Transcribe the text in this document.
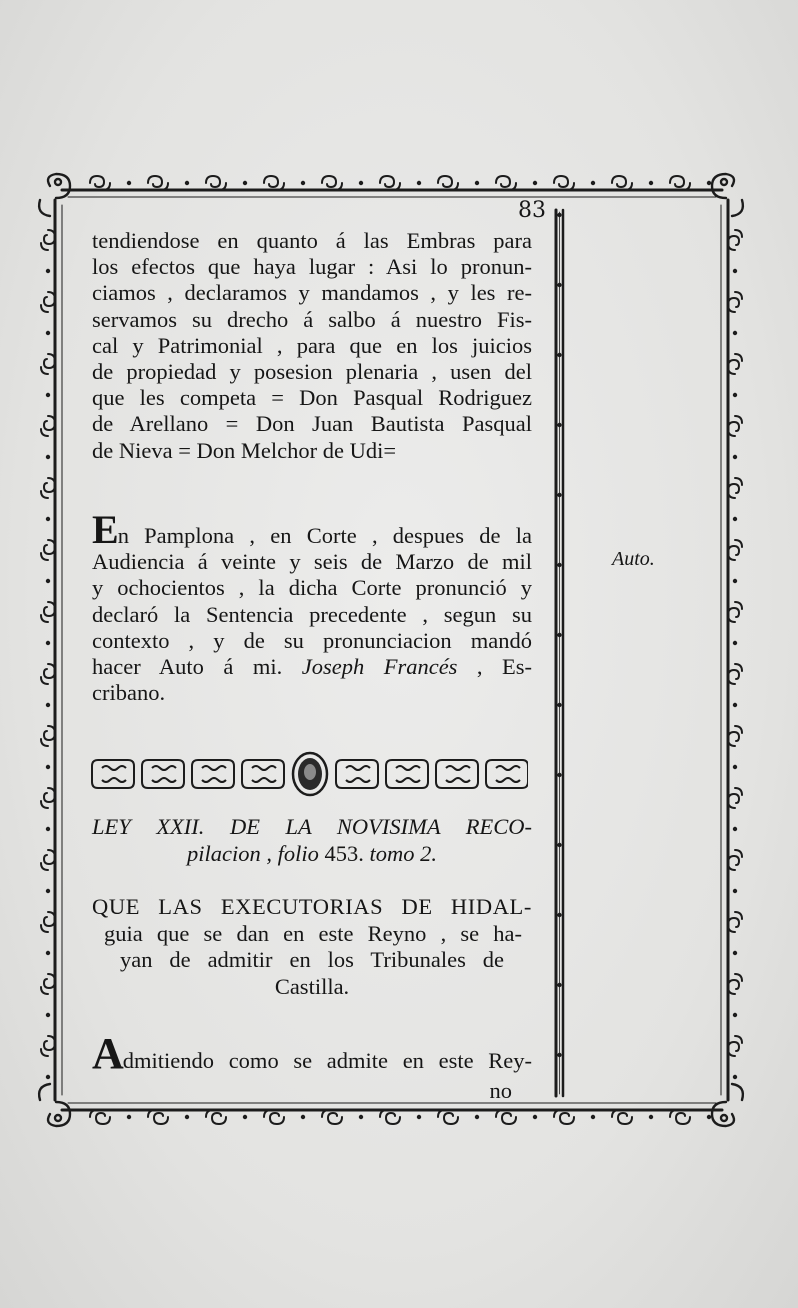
83
tendiendose en quanto á las Embras para
los efectos que haya lugar : Asi lo pronun-
ciamos , declaramos y mandamos , y les re-
servamos su drecho á salbo á nuestro Fis-
cal y Patrimonial , para que en los juicios
de propiedad y posesion plenaria , usen del
que les competa = Don Pasqual Rodriguez
de Arellano = Don Juan Bautista Pasqual
de Nieva = Don Melchor de Udi=
En Pamplona , en Corte , despues de la
Audiencia á veinte y seis de Marzo de mil
y ochocientos , la dicha Corte pronunció y
declaró la Sentencia precedente , segun su
contexto , y de su pronunciacion mandó
hacer Auto á mi. Joseph Francés , Es-
cribano.
Auto.
LEY XXII. DE LA NOVISIMA RECO-
pilacion , folio 453. tomo 2.
QUE LAS EXECUTORIAS DE HIDAL-
guia que se dan en este Reyno , se ha-
yan de admitir en los Tribunales de
Castilla.
Admitiendo como se admite en este Rey-
no
